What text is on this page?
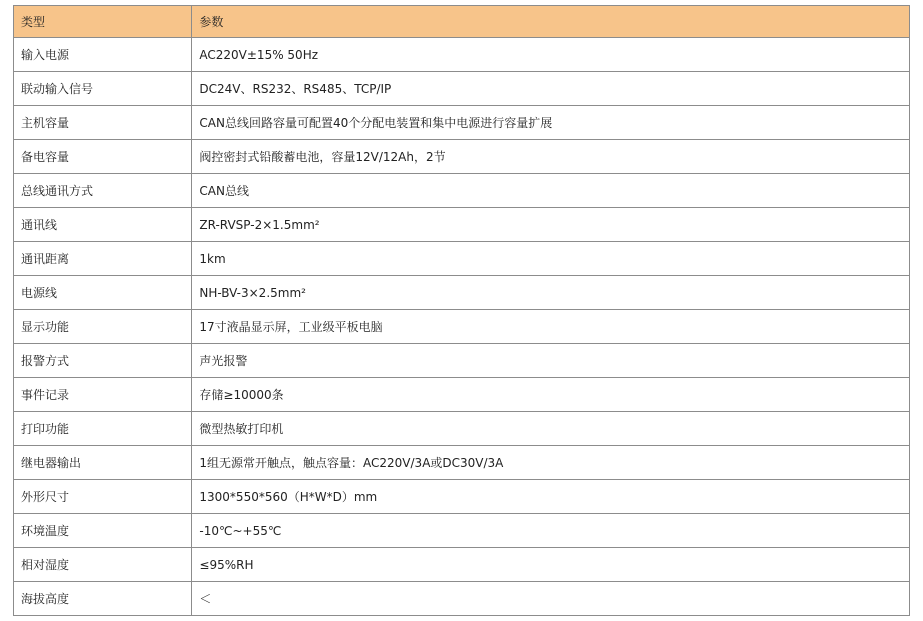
类型	参数
输入电源	AC220V±15% 50Hz
联动输入信号	DC24V、RS232、RS485、TCP/IP
主机容量	CAN总线回路容量可配置40个分配电装置和集中电源进行容量扩展
备电容量	阀控密封式铅酸蓄电池，容量12V/12Ah，2节
总线通讯方式	CAN总线
通讯线	ZR-RVSP-2×1.5mm²
通讯距离	1km
电源线	NH-BV-3×2.5mm²
显示功能	17寸液晶显示屏，工业级平板电脑
报警方式	声光报警
事件记录	存储≥10000条
打印功能	微型热敏打印机
继电器输出	1组无源常开触点，触点容量：AC220V/3A或DC30V/3A
外形尺寸	1300*550*560（H*W*D）mm
环境温度	-10℃~+55℃
相对湿度	≤95%RH
海拔高度	＜
